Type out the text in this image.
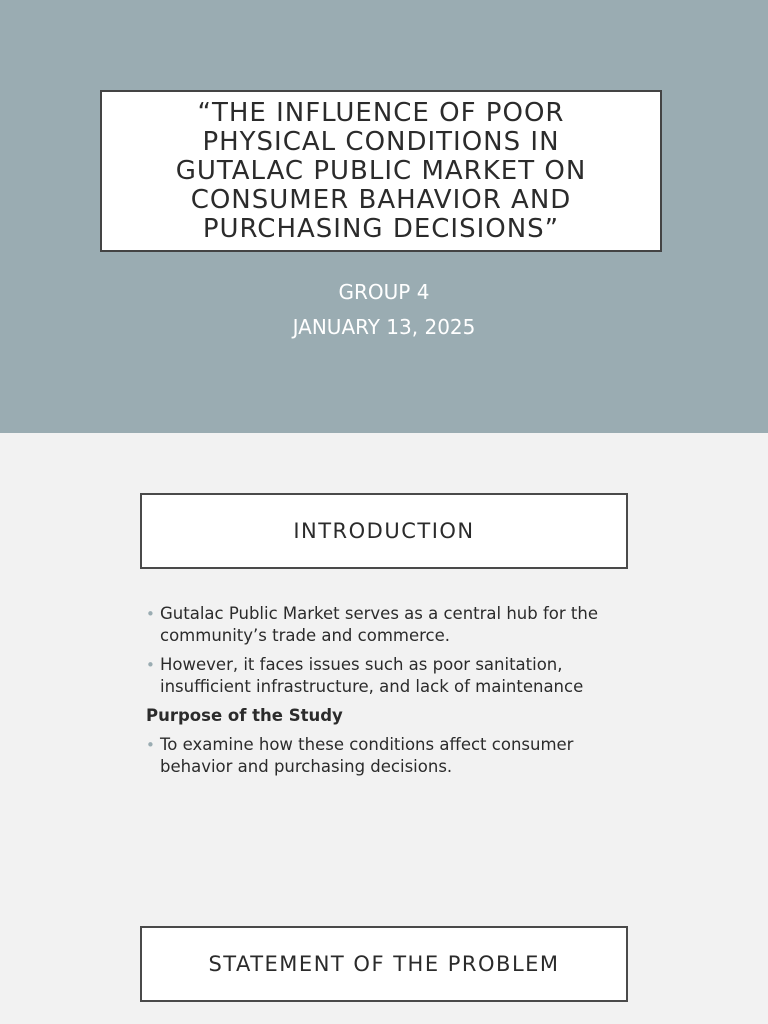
“THE INFLUENCE OF POOR
PHYSICAL CONDITIONS IN
GUTALAC PUBLIC MARKET ON
CONSUMER BAHAVIOR AND
PURCHASING DECISIONS”
GROUP 4
JANUARY 13, 2025
INTRODUCTION
• Gutalac Public Market serves as a central hub for the community’s trade and commerce.
• However, it faces issues such as poor sanitation, insufficient infrastructure, and lack of maintenance
Purpose of the Study
• To examine how these conditions affect consumer behavior and purchasing decisions.
STATEMENT OF THE PROBLEM
